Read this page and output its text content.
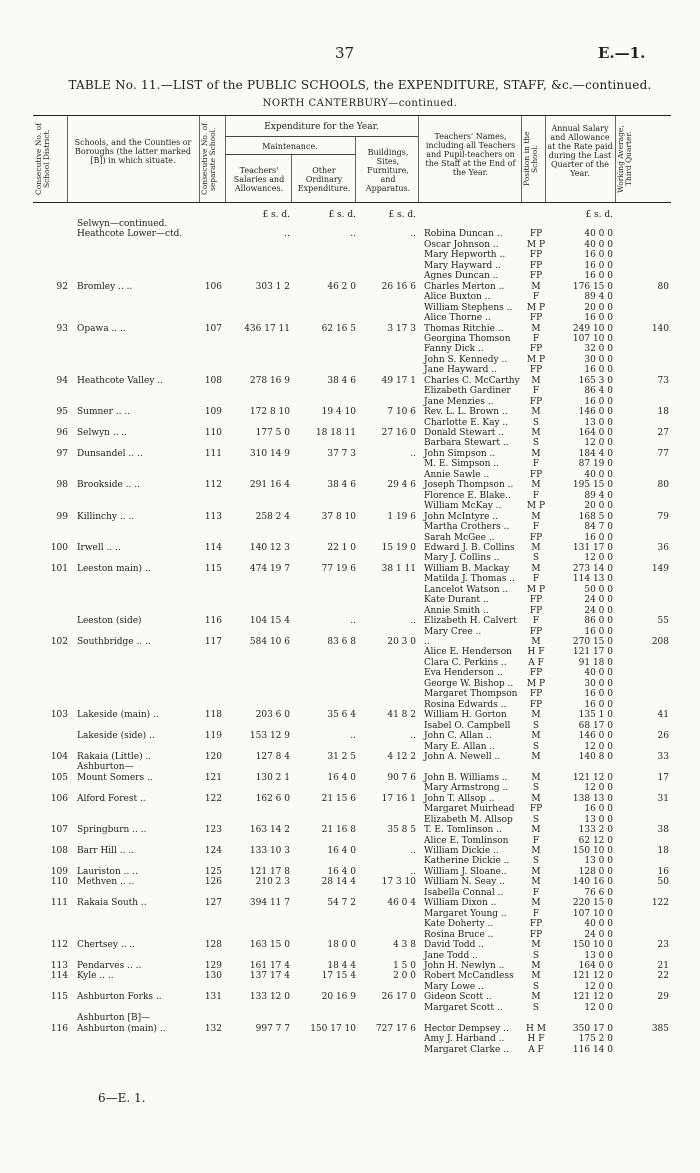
37	E.—1.
TABLE No. 11.—LIST of the PUBLIC SCHOOLS, the EXPENDITURE, STAFF, &c.—continued.
NORTH CANTERBURY—continued.
Consecutive No. of School District.	Schools, and the Counties or Boroughs (the latter marked [B]) in which situate.	Consecutive No. of separate School.
Expenditure for the Year.
Maintenance.
Teachers' Salaries and Allowances.
Other Ordinary Expenditure.
Buildings, Sites, Furniture, and Apparatus.
Teachers' Names, including all Teachers and Pupil-teachers on the Staff at the End of the Year.	Position in the School.
Annual Salary and Allowance at the Rate paid during the Last Quarter of the Year.	Working Average, Third Quarter.
£ s. d.	£ s. d.	£ s. d.	£ s. d.
Selwyn—continued.
Heathcote Lower—ctd.	..	..	.. Robina Duncan ..	FP	40 0 0
Oscar Johnson ..	M P	40 0 0
Mary Hepworth ..	FP	16 0 0
Mary Hayward ..	FP	16 0 0
Agnes Duncan ..	FP	16 0 0
92 Bromley .. ..	106	303 1 2	46 2 0	26 16 6 Charles Merton ..	M	176 15 0	80
Alice Buxton ..	F	89 4 0
William Stephens .. M P	20 0 0
Alice Thorne ..	FP	16 0 0
93 Opawa .. ..	107	436 17 11	62 16 5	3 17 3 Thomas Ritchie ..	M	249 10 0	140
Georgina Thomson	F	107 10 0
Fanny Dick ..	FP	32 0 0
John S. Kennedy .. M P	30 0 0
Jane Hayward ..	FP	16 0 0
94 Heathcote Valley ..	108	278 16 9	38 4 6	49 17 1 Charles C. McCarthy	M	165 3 0	73
Elizabeth Gardiner	F	86 4 0
Jane Menzies ..	FP	16 0 0
95 Sumner .. ..	109	172 8 10	19 4 10	7 10 6 Rev. L. L. Brown ..	M	146 0 0	18
Charlotte E. Kay ..	S	13 0 0
96 Selwyn .. ..	110	177 5 0	18 18 11	27 16 0 Donald Stewart ..	M	164 0 0	27
Barbara Stewart ..	S	12 0 0
97 Dunsandel .. ..	111	310 14 9	37 7 3	.. John Simpson ..	M	184 4 0	77
M. E. Simpson ..	F	87 19 0
Annie Sawle ..	FP	40 0 0
98 Brookside .. ..	112	291 16 4	38 4 6	29 4 6 Joseph Thompson ..	M	195 15 0	80
Florence E. Blake..	F	89 4 0
William McKay ..	M P	20 0 0
99 Killinchy .. ..	113	258 2 4	37 8 10	1 19 6 John McIntyre ..	M	168 5 0	79
Martha Crothers ..	F	84 7 0
Sarah McGee ..	FP	16 0 0
100 Irwell .. ..	114	140 12 3	22 1 0	15 19 0 Edward J. B. Collins	M	131 17 0	36
Mary J. Collins ..	S	12 0 0
101 Leeston main) ..	115	474 19 7	77 19 6	38 1 11 William B. Mackay	M	273 14 0	149
Matilda J. Thomas ..	F	114 13 0
Lancelot Watson .. M P	50 0 0
Kate Durant ..	FP	24 0 0
Annie Smith ..	FP	24 0 0
Leeston (side)	116	104 15 4	..	.. Elizabeth H. Calvert	F	86 0 0	55
Mary Cree ..	FP	16 0 0
102 Southbridge .. ..	117	584 10 6	83 6 8	20 3 0 ..	M	270 15 0	208
Alice E. Henderson H F	121 17 0
Clara C. Perkins .. A F	91 18 0
Eva Henderson ..	FP	40 0 0
George W. Bishop .. M P	30 0 0
Margaret Thompson	FP	16 0 0
Rosina Edwards ..	FP	16 0 0
103 Lakeside (main) ..	118	203 6 0	35 6 4	41 8 2 William H. Gorton	M	135 1 0	41
Isabel O. Campbell	S	68 17 0
Lakeside (side) ..	119	153 12 9	..	.. John C. Allan ..	M	146 0 0	26
Mary E. Allan ..	S	12 0 0
104 Rakaia (Little) ..	120	127 8 4	31 2 5	4 12 2 John A. Newell ..	M	140 8 0	33
Ashburton—
105 Mount Somers ..	121	130 2 1	16 4 0	90 7 6 John B. Williams ..	M	121 12 0	17
Mary Armstrong ..	S	12 0 0
106 Alford Forest ..	122	162 6 0	21 15 6	17 16 1 John T. Allsop ..	M	138 13 0	31
Margaret Muirhead	FP	16 0 0
Elizabeth M. Allsop	S	13 0 0
107 Springburn .. ..	123	163 14 2	21 16 8	35 8 5 T. E. Tomlinson ..	M	133 2 0	38
Alice E. Tomlinson	F	62 12 0
108 Barr Hill .. ..	124	133 10 3	16 4 0	.. William Dickie ..	M	150 10 0	18
Katherine Dickie ..	S	13 0 0
109 Lauriston .. ..	125	121 17 8	16 4 0	.. William J. Sloane..	M	128 0 0	16
110 Methven .. ..	126	210 2 3	28 14 4	17 3 10 William N. Seay ..	M	140 16 0	50
Isabella Connal ..	F	76 6 0
111 Rakaia South ..	127	394 11 7	54 7 2	46 0 4 William Dixon ..	M	220 15 0	122
Margaret Young ..	F	107 10 0
Kate Doherty ..	FP	40 0 0
Rosina Bruce ..	FP	24 0 0
112 Chertsey .. ..	128	163 15 0	18 0 0	4 3 8 David Todd ..	M	150 10 0	23
Jane Todd ..	S	13 0 0
113 Pendarves .. ..	129	161 17 4	18 4 4	1 5 0 John H. Newlyn ..	M	164 0 0	21
114 Kyle .. ..	130	137 17 4	17 15 4	2 0 0 Robert McCandless	M	121 12 0	22
Mary Lowe ..	S	12 0 0
115 Ashburton Forks ..	131	133 12 0	20 16 9	26 17 0 Gideon Scott ..	M	121 12 0	29
Margaret Scott ..	S	12 0 0
Ashburton [B]—
116 Ashburton (main) ..	132	997 7 7	150 17 10	727 17 6 Hector Dempsey .. H M	350 17 0	385
Amy J. Harband ..	H F	175 2 0
Margaret Clarke .. A F	116 14 0
6—E. 1.
